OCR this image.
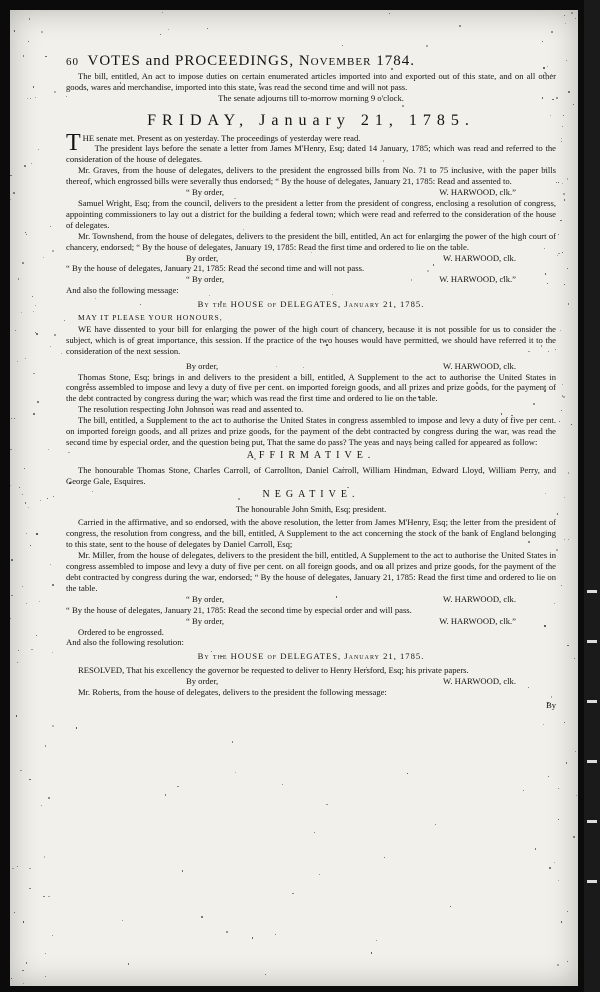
60 VOTES and PROCEEDINGS, November 1784.

The bill, entitled, An act to impose duties on certain enumerated articles imported into and exported out of this state, and on all other goods, wares and merchandise, imported into this state, was read the second time and will not pass.

The senate adjourns till to-morrow morning 9 o'clock.

FRIDAY, January 21, 1785.

THE senate met. Present as on yesterday. The proceedings of yesterday were read.

The president lays before the senate a letter from James M'Henry, Esq; dated 14 January, 1785; which was read and referred to the consideration of the house of delegates.

Mr. Graves, from the house of delegates, delivers to the president the engrossed bills from No. 71 to 75 inclusive, with the paper bills thereof, which engrossed bills were severally thus endorsed; “ By the house of delegates, January 21, 1785: Read and assented to.

“ By order,	W. HARWOOD, clk.”

Samuel Wright, Esq; from the council, delivers to the president a letter from the president of congress, enclosing a resolution of congress, appointing commissioners to lay out a district for the building a federal town; which were read and referred to the consideration of the house of delegates.

Mr. Townshend, from the house of delegates, delivers to the president the bill, entitled, An act for enlarging the power of the high court of chancery, endorsed; “ By the house of delegates, January 19, 1785: Read the first time and ordered to lie on the table.

By order,	W. HARWOOD, clk.

“ By the house of delegates, January 21, 1785: Read the second time and will not pass.

“ By order,	W. HARWOOD, clk.”

And also the following message:

By the HOUSE of DELEGATES, January 21, 1785.

MAY IT PLEASE YOUR HONOURS,

WE have dissented to your bill for enlarging the power of the high court of chancery, because it is not possible for us to consider the subject, which is of great importance, this session. If the practice of the two houses would have permitted, we should have referred it to the consideration of the next session.

By order,	W. HARWOOD, clk.

Thomas Stone, Esq; brings in and delivers to the president a bill, entitled, A Supplement to the act to authorise the United States in congress assembled to impose and levy a duty of five per cent. on imported foreign goods, and all prizes and prize goods, for the payment of the debt contracted by congress during the war; which was read the first time and ordered to lie on the table.

The resolution respecting John Johnson was read and assented to.

The bill, entitled, a Supplement to the act to authorise the United States in congress assembled to impose and levy a duty of five per cent. on imported foreign goods, and all prizes and prize goods, for the payment of the debt contracted by congress during the war, was read the second time by especial order, and the question being put, That the same do pass? The yeas and nays being called for appeared as follow:

AFFIRMATIVE.

The honourable Thomas Stone, Charles Carroll, of Carrollton, Daniel Carroll, William Hindman, Edward Lloyd, William Perry, and George Gale, Esquires.

NEGATIVE.

The honourable John Smith, Esq; president.

Carried in the affirmative, and so endorsed, with the above resolution, the letter from James M'Henry, Esq; the letter from the president of congress, the resolution from congress, and the bill, entitled, A Supplement to the act concerning the stock of the bank of England belonging to this state, sent to the house of delegates by Daniel Carroll, Esq;

Mr. Miller, from the house of delegates, delivers to the president the bill, entitled, A Supplement to the act to authorise the United States in congress assembled to impose and levy a duty of five per cent. on all foreign goods, and on all prizes and prize goods, for the payment of the debt contracted by congress during the war, endorsed; “ By the house of delegates, January 21, 1785: Read the first time and ordered to lie on the table.

“ By order,	W. HARWOOD, clk.

“ By the house of delegates, January 21, 1785: Read the second time by especial order and will pass.

“ By order,	W. HARWOOD, clk.”

Ordered to be engrossed.

And also the following resolution:

By the HOUSE of DELEGATES, January 21, 1785.

RESOLVED, That his excellency the governor be requested to deliver to Henry Hersford, Esq; his private papers.

By order,	W. HARWOOD, clk.

Mr. Roberts, from the house of delegates, delivers to the president the following message:

By
